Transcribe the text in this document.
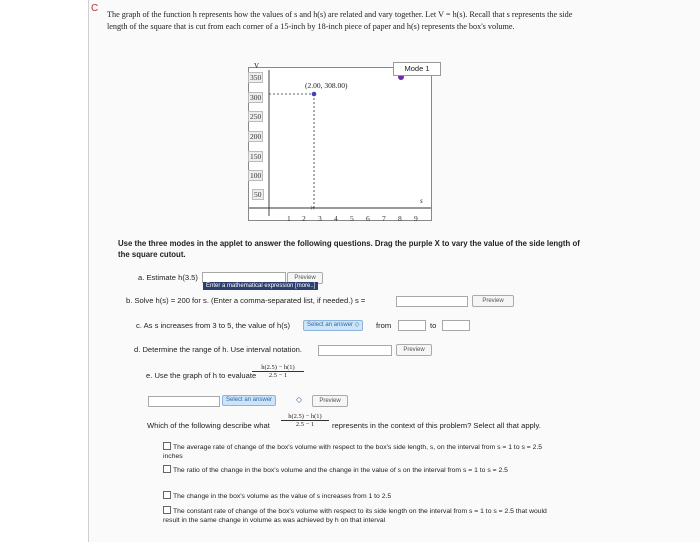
C
The graph of the function h represents how the values of s and h(s) are related and vary together. Let V = h(s). Recall that s represents the side length of the square that is cut from each corner of a 15-inch by 18-inch piece of paper and h(s) represents the box's volume.
×
V
s
Mode 1
(2.00, 308.00)
350
300
250
200
150
100
50
1 2 3 4 5 6 7 8 9
Use the three modes in the applet to answer the following questions. Drag the purple X to vary the value of the side length of the square cutout.
a. Estimate h(3.5)	Preview
Enter a mathematical expression [more..]
b. Solve h(s) = 200 for s. (Enter a comma-separated list, if needed.) s =	Preview
c. As s increases from 3 to 5, the value of h(s)	Select an answer ◇	from	to
d. Determine the range of h. Use interval notation.	Preview
e. Use the graph of h to evaluate
$\frac{h(2.5) - h(1)}{2.5 - 1}$
Select an answer	◇	Preview
Which of the following describe what $\frac{h(2.5) - h(1)}{2.5 - 1}$ represents in the context of this problem? Select all that apply.
The average rate of change of the box's volume with respect to the box's side length, s, on the interval from s = 1 to s = 2.5 inches
The ratio of the change in the box's volume and the change in the value of s on the interval from s = 1 to s = 2.5
The change in the box's volume as the value of s increases from 1 to 2.5
The constant rate of change of the box's volume with respect to its side length on the interval from s = 1 to s = 2.5 that would result in the same change in volume as was achieved by h on that interval
